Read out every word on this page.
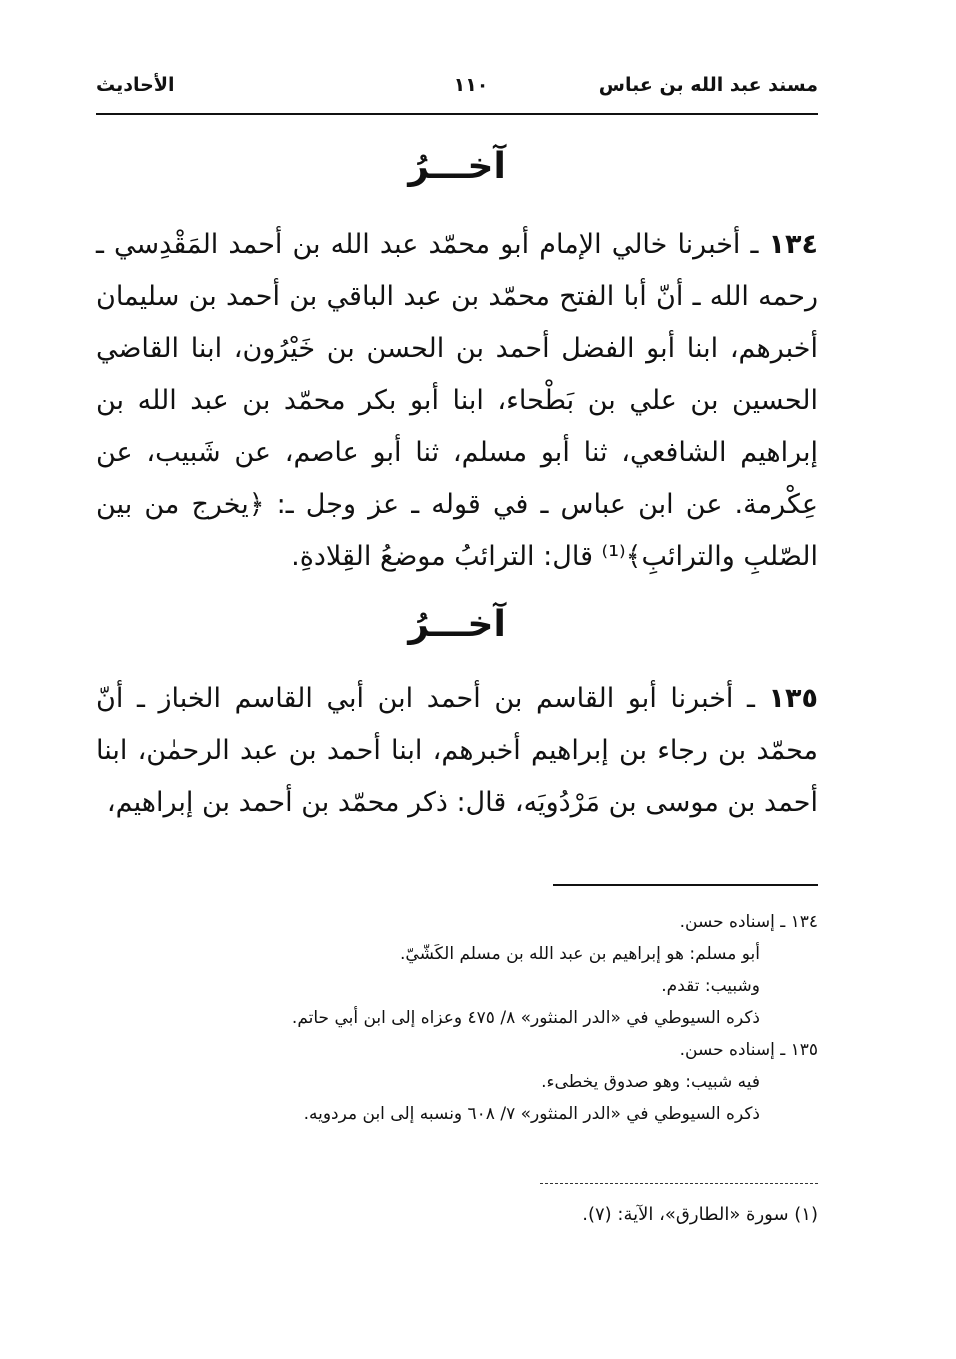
مسند عبد الله بن عباس
١١٠
الأحاديث
آخـــرُ
١٣٤ ـ أخبرنا خالي الإمام أبو محمّد عبد الله بن أحمد المَقْدِسي ـ رحمه الله ـ أنّ أبا الفتح محمّد بن عبد الباقي بن أحمد بن سليمان أخبرهم، ابنا أبو الفضل أحمد بن الحسن بن خَيْرُون، ابنا القاضي الحسين بن علي بن بَطْحاء، ابنا أبو بكر محمّد بن عبد الله بن إبراهيم الشافعي، ثنا أبو مسلم، ثنا أبو عاصم، عن شَبيب، عن عِكْرمة. عن ابن عباس ـ في قوله ـ عز وجل ـ: ﴿يخرج من بين الصّلبِ والترائبِ﴾⁽¹⁾ قال: الترائبُ موضعُ القِلادةِ.
آخـــرُ
١٣٥ ـ أخبرنا أبو القاسم بن أحمد ابن أبي القاسم الخباز ـ أنّ محمّد بن رجاء بن إبراهيم أخبرهم، ابنا أحمد بن عبد الرحمٰن، ابنا أحمد بن موسى بن مَرْدُويَه، قال: ذكر محمّد بن أحمد بن إبراهيم،
١٣٤ ـ إسناده حسن.
أبو مسلم: هو إبراهيم بن عبد الله بن مسلم الكَشّيّ.
وشبيب: تقدم.
ذكره السيوطي في «الدر المنثور» ٨/ ٤٧٥ وعزاه إلى ابن أبي حاتم.
١٣٥ ـ إسناده حسن.
فيه شبيب: وهو صدوق يخطىء.
ذكره السيوطي في «الدر المنثور» ٧/ ٦٠٨ ونسبه إلى ابن مردويه.
(١) سورة «الطارق»، الآية: (٧).
